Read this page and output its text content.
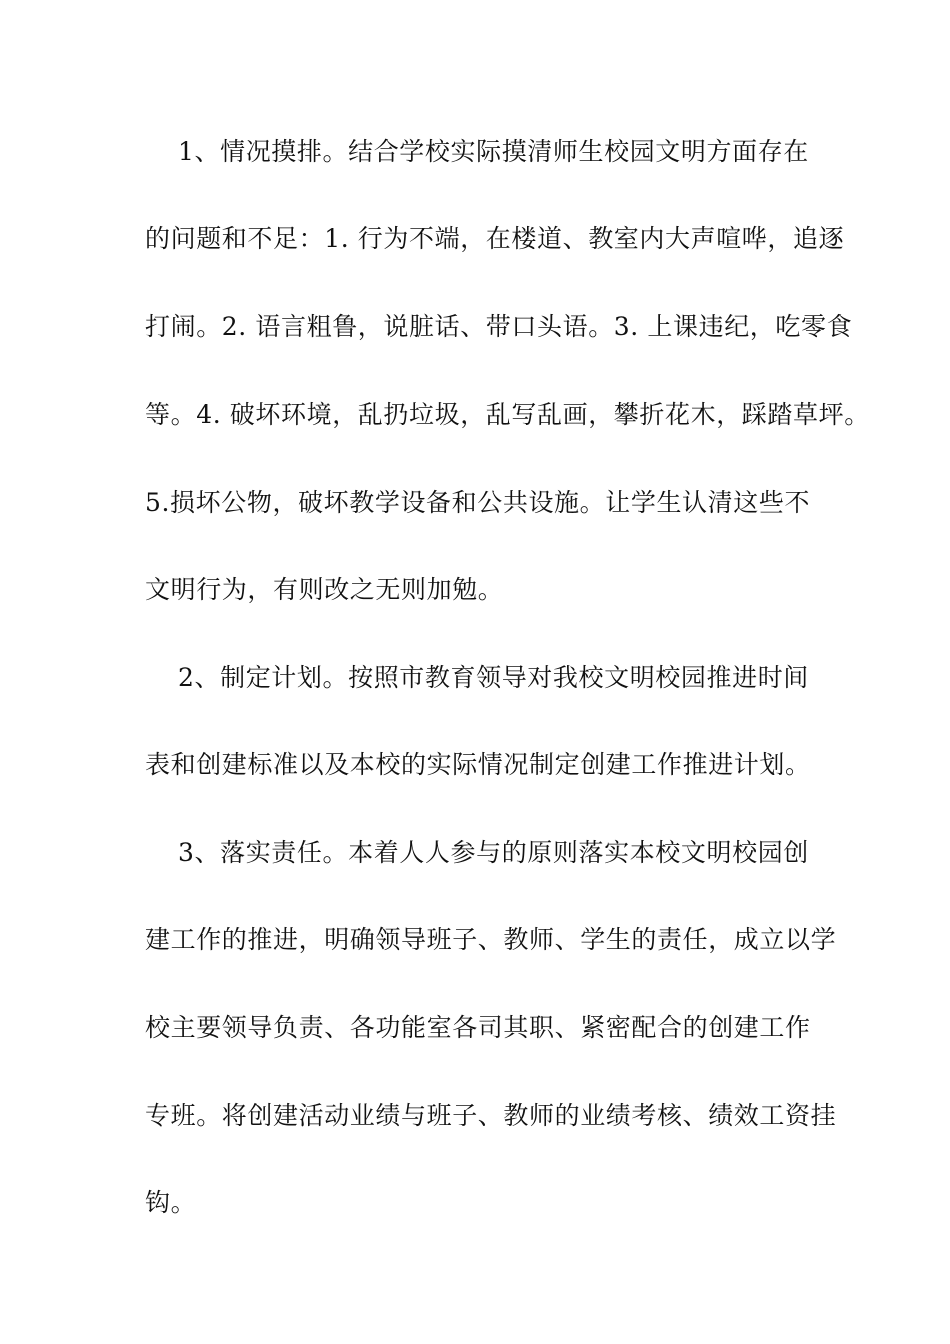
1、情况摸排。结合学校实际摸清师生校园文明方面存在
的问题和不足：1. 行为不端，在楼道、教室内大声喧哗，追逐
打闹。2. 语言粗鲁，说脏话、带口头语。3. 上课违纪，吃零食
等。4. 破坏环境，乱扔垃圾，乱写乱画，攀折花木，踩踏草坪。
5.损坏公物，破坏教学设备和公共设施。让学生认清这些不
文明行为，有则改之无则加勉。
2、制定计划。按照市教育领导对我校文明校园推进时间
表和创建标准以及本校的实际情况制定创建工作推进计划。
3、落实责任。本着人人参与的原则落实本校文明校园创
建工作的推进，明确领导班子、教师、学生的责任，成立以学
校主要领导负责、各功能室各司其职、紧密配合的创建工作
专班。将创建活动业绩与班子、教师的业绩考核、绩效工资挂
钩。
